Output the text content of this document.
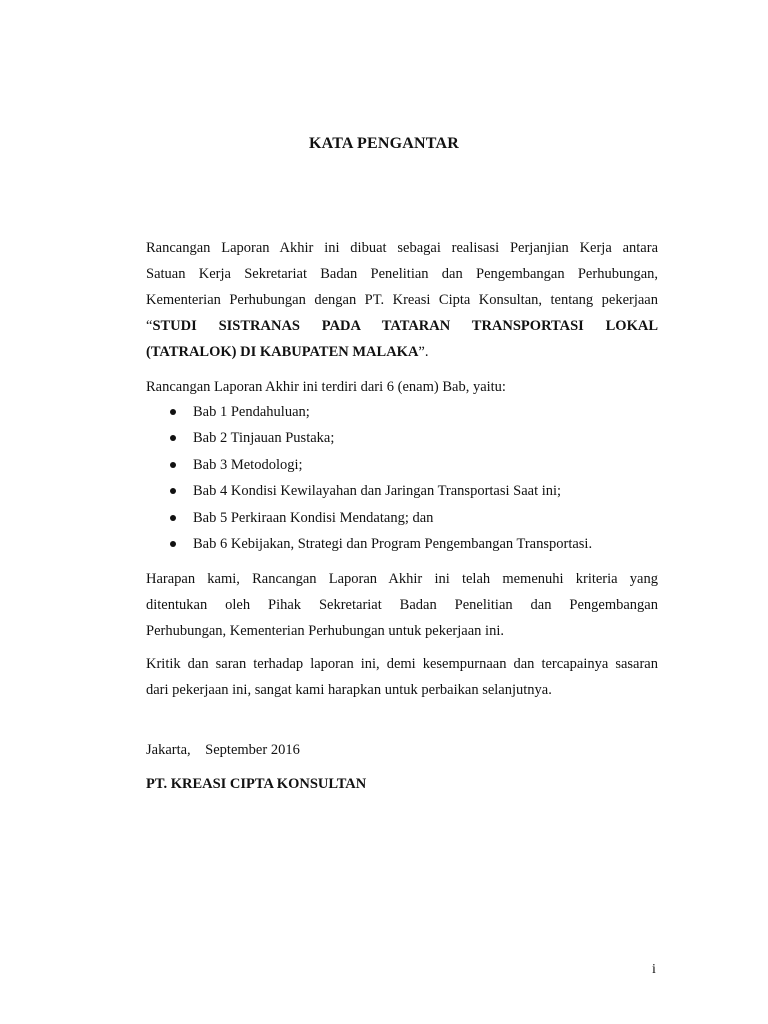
KATA PENGANTAR
Rancangan Laporan Akhir ini dibuat sebagai realisasi Perjanjian Kerja antara
Satuan Kerja Sekretariat Badan Penelitian dan Pengembangan Perhubungan,
Kementerian Perhubungan dengan PT. Kreasi Cipta Konsultan, tentang pekerjaan
“STUDI SISTRANAS PADA TATARAN TRANSPORTASI LOKAL
(TATRALOK) DI KABUPATEN MALAKA”.
Rancangan Laporan Akhir ini terdiri dari 6 (enam) Bab, yaitu:
Bab 1 Pendahuluan;
Bab 2 Tinjauan Pustaka;
Bab 3 Metodologi;
Bab 4 Kondisi Kewilayahan dan Jaringan Transportasi Saat ini;
Bab 5 Perkiraan Kondisi Mendatang; dan
Bab 6 Kebijakan, Strategi dan Program Pengembangan Transportasi.
Harapan kami, Rancangan Laporan Akhir ini telah memenuhi kriteria yang
ditentukan oleh Pihak Sekretariat Badan Penelitian dan Pengembangan
Perhubungan, Kementerian Perhubungan untuk pekerjaan ini.
Kritik dan saran terhadap laporan ini, demi kesempurnaan dan tercapainya sasaran
dari pekerjaan ini, sangat kami harapkan untuk perbaikan selanjutnya.
Jakarta,    September 2016
PT. KREASI CIPTA KONSULTAN
i
